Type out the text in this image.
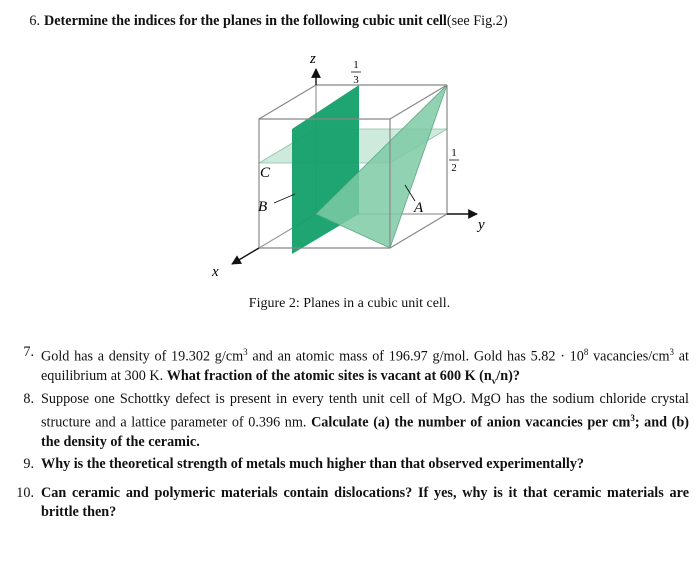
6. Determine the indices for the planes in the following cubic unit cell(see Fig.2)
z
x
y
C
B	A
1
3
1
2
Figure 2: Planes in a cubic unit cell.
7. Gold has a density of 19.302 $g/cm^3$ and an atomic mass of 196.97 g/mol. Gold has $5.82 \cdot 10^8$ vacancies/$cm^3$ at equilibrium at 300 K. What fraction of the atomic sites is vacant at 600 K $(n_v/n)$?
8. Suppose one Schottky defect is present in every tenth unit cell of MgO. MgO has the sodium chloride crystal structure and a lattice parameter of 0.396 nm. Calculate (a) the number of anion vacancies per $cm^3$; and (b) the density of the ceramic.
9. Why is the theoretical strength of metals much higher than that observed experimentally?
10. Can ceramic and polymeric materials contain dislocations? If yes, why is it that ceramic materials are brittle then?
